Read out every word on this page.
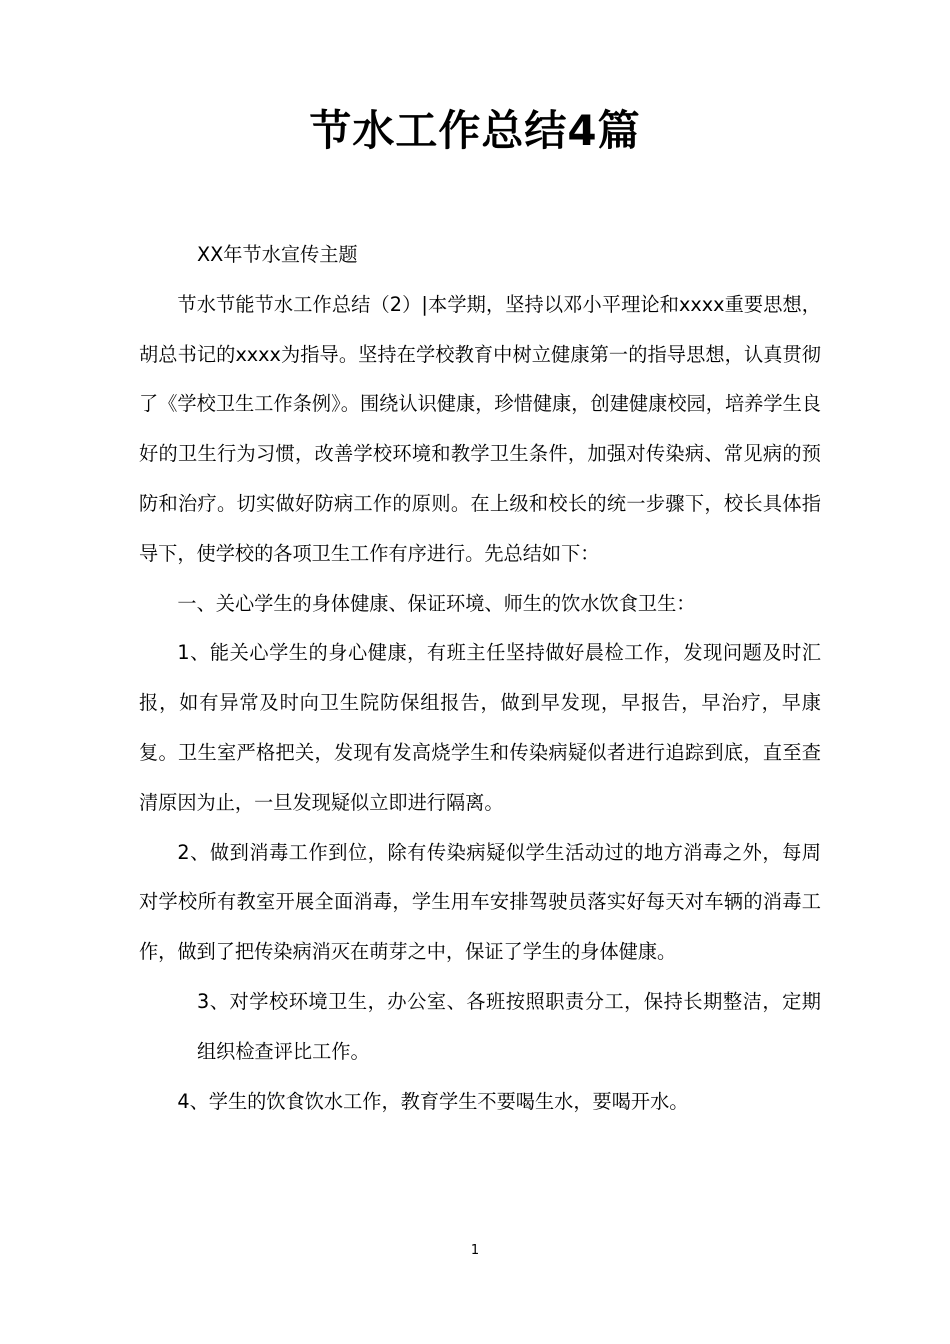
节水工作总结4篇

XX年节水宣传主题

节水节能节水工作总结（2）|本学期，坚持以邓小平理论和xxxx重要思想，胡总书记的xxxx为指导。坚持在学校教育中树立健康第一的指导思想，认真贯彻了《学校卫生工作条例》。围绕认识健康，珍惜健康，创建健康校园，培养学生良好的卫生行为习惯，改善学校环境和教学卫生条件，加强对传染病、常见病的预防和治疗。切实做好防病工作的原则。在上级和校长的统一步骤下，校长具体指导下，使学校的各项卫生工作有序进行。先总结如下：

一、关心学生的身体健康、保证环境、师生的饮水饮食卫生：

1、能关心学生的身心健康，有班主任坚持做好晨检工作，发现问题及时汇报，如有异常及时向卫生院防保组报告，做到早发现，早报告，早治疗，早康复。卫生室严格把关，发现有发高烧学生和传染病疑似者进行追踪到底，直至查清原因为止，一旦发现疑似立即进行隔离。

2、做到消毒工作到位，除有传染病疑似学生活动过的地方消毒之外，每周对学校所有教室开展全面消毒，学生用车安排驾驶员落实好每天对车辆的消毒工作，做到了把传染病消灭在萌芽之中，保证了学生的身体健康。

3、对学校环境卫生，办公室、各班按照职责分工，保持长期整洁，定期组织检查评比工作。

4、学生的饮食饮水工作，教育学生不要喝生水，要喝开水。

1
